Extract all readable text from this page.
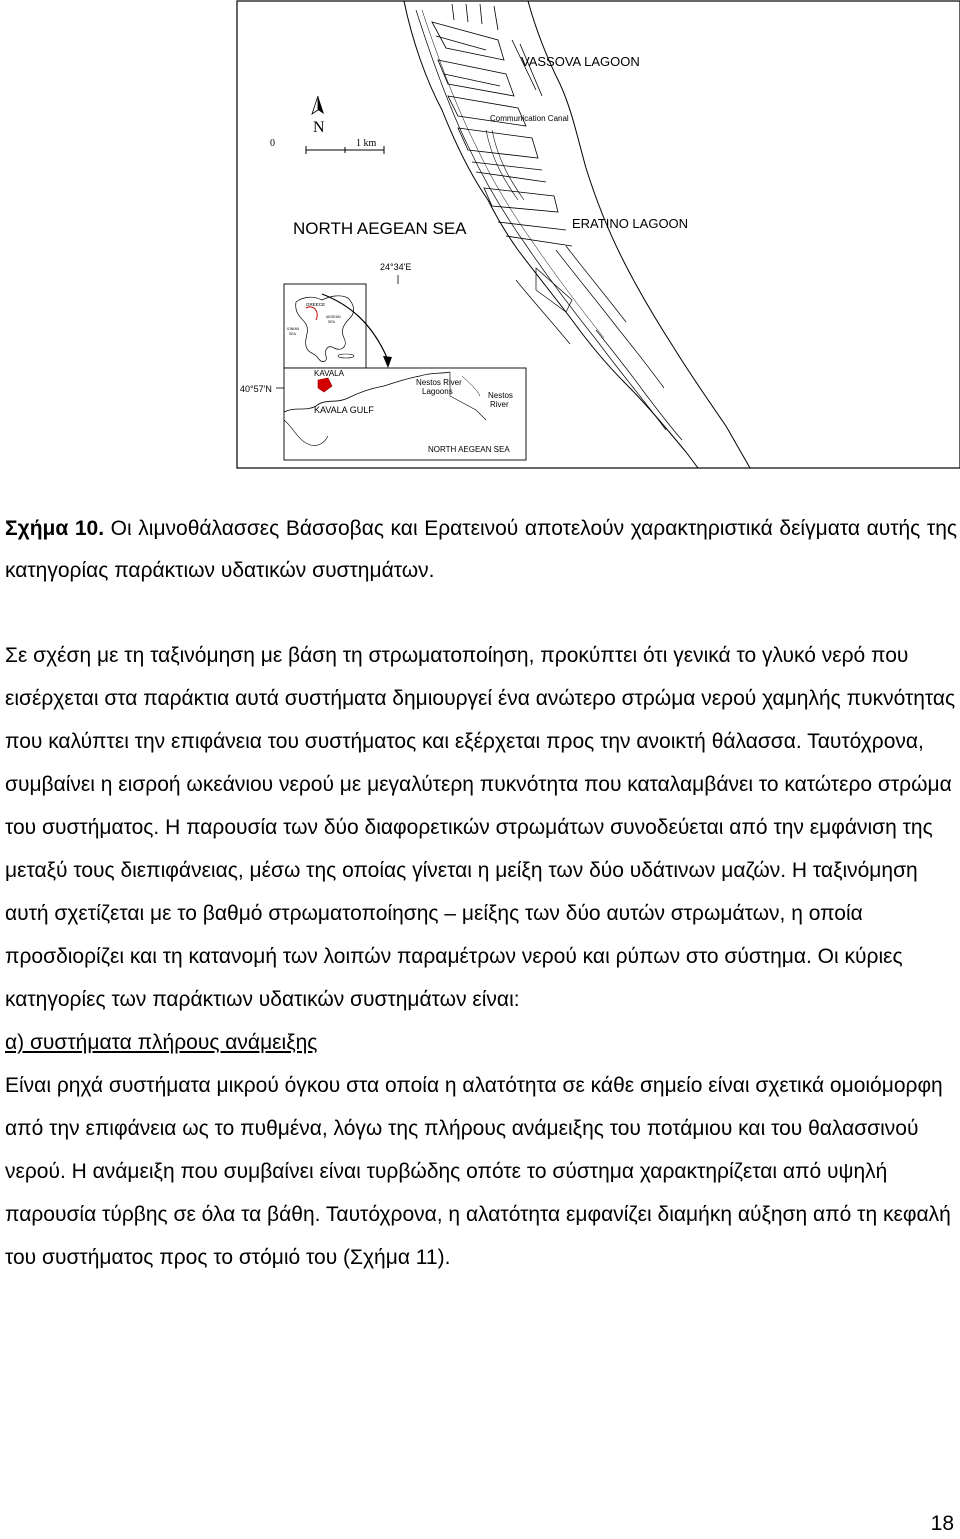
N
0	1 km
VASSOVA LAGOON
Communication Canal
NORTH AEGEAN SEA	ERATINO LAGOON
24°34'E
GREECE
AEGEAN
SEA
IONIAN
SEA
40°57'N
KAVALA
KAVALA GULF
Nestos River
Lagoons	Nestos
River
NORTH AEGEAN SEA
Σχήμα 10. Οι λιμνοθάλασσες Βάσσοβας και Ερατεινού αποτελούν χαρακτηριστικά δείγματα αυτής της κατηγορίας παράκτιων υδατικών συστημάτων.

Σε σχέση με τη ταξινόμηση με βάση τη στρωματοποίηση, προκύπτει ότι γενικά το γλυκό νερό που εισέρχεται στα παράκτια αυτά συστήματα δημιουργεί ένα ανώτερο στρώμα νερού χαμηλής πυκνότητας που καλύπτει την επιφάνεια του συστήματος και εξέρχεται προς την ανοικτή θάλασσα. Ταυτόχρονα, συμβαίνει η εισροή ωκεάνιου νερού με μεγαλύτερη πυκνότητα που καταλαμβάνει το κατώτερο στρώμα του συστήματος. Η παρουσία των δύο διαφορετικών στρωμάτων συνοδεύεται από την εμφάνιση της μεταξύ τους διεπιφάνειας, μέσω της οποίας γίνεται η μείξη των δύο υδάτινων μαζών. Η ταξινόμηση αυτή σχετίζεται με το βαθμό στρωματοποίησης – μείξης των δύο αυτών στρωμάτων, η οποία προσδιορίζει και τη κατανομή των λοιπών παραμέτρων νερού και ρύπων στο σύστημα. Οι κύριες κατηγορίες των παράκτιων υδατικών συστημάτων είναι:

α) συστήματα πλήρους ανάμειξης

Είναι ρηχά συστήματα μικρού όγκου στα οποία η αλατότητα σε κάθε σημείο είναι σχετικά ομοιόμορφη από την επιφάνεια ως το πυθμένα, λόγω της πλήρους ανάμειξης του ποτάμιου και του θαλασσινού νερού. Η ανάμειξη που συμβαίνει είναι τυρβώδης οπότε το σύστημα χαρακτηρίζεται από υψηλή παρουσία τύρβης σε όλα τα βάθη. Ταυτόχρονα, η αλατότητα εμφανίζει διαμήκη αύξηση από τη κεφαλή του συστήματος προς το στόμιό του (Σχήμα 11).

18
